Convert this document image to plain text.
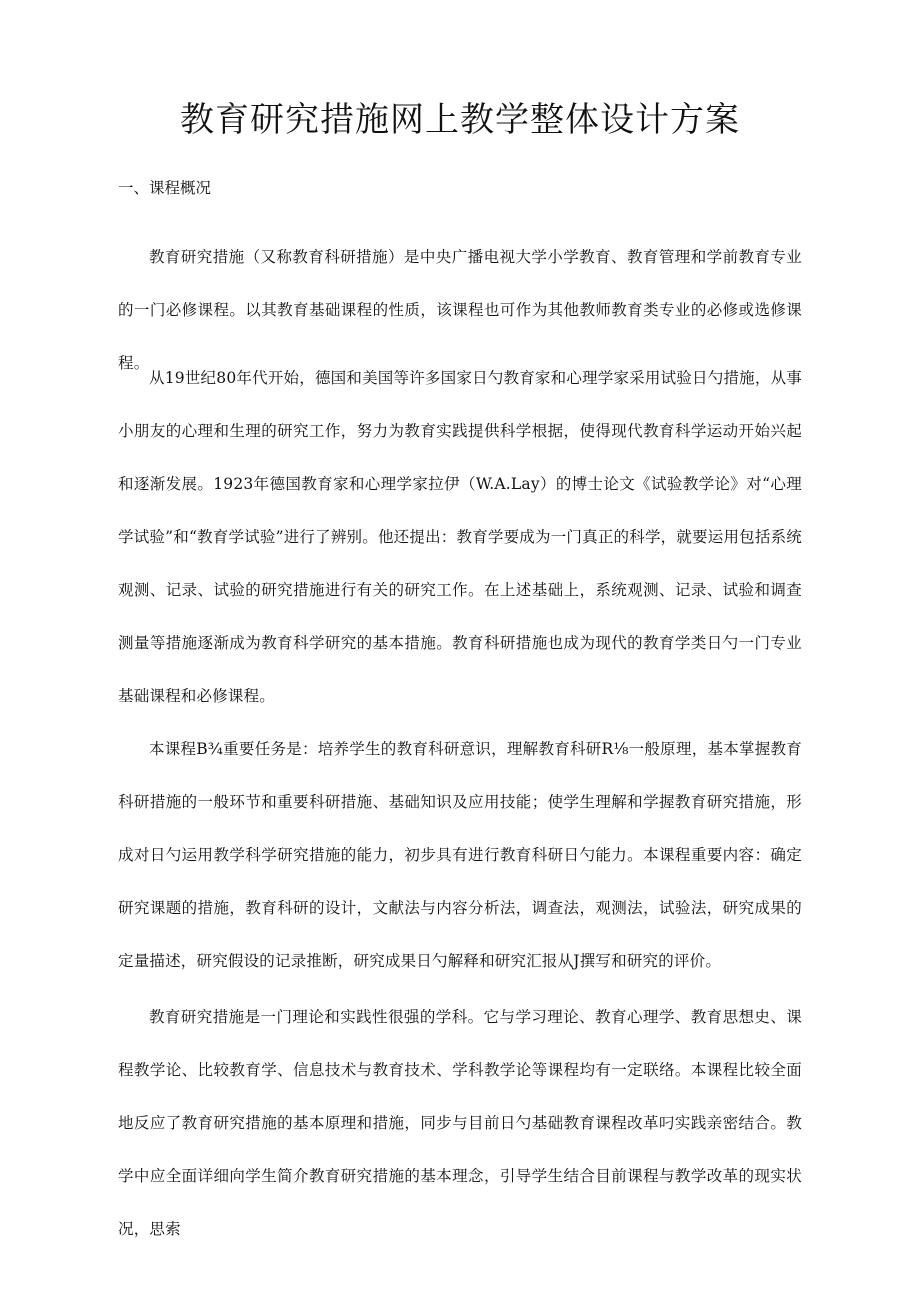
教育研究措施网上教学整体设计方案

一、课程概况

教育研究措施（又称教育科研措施）是中央广播电视大学小学教育、教育管理和学前教育专业的一门必修课程。以其教育基础课程的性质，该课程也可作为其他教师教育类专业的必修或选修课程。

从19世纪80年代开始，德国和美国等许多国家日勺教育家和心理学家采用试验日勺措施，从事小朋友的心理和生理的研究工作，努力为教育实践提供科学根据，使得现代教育科学运动开始兴起和逐渐发展。1923年德国教育家和心理学家拉伊（W.A.Lay）的博士论文《试验教学论》对“心理学试验”和“教育学试验”进行了辨别。他还提出：教育学要成为一门真正的科学，就要运用包括系统观测、记录、试验的研究措施进行有关的研究工作。在上述基础上，系统观测、记录、试验和调查测量等措施逐渐成为教育科学研究的基本措施。教育科研措施也成为现代的教育学类日勺一门专业基础课程和必修课程。

本课程B¾重要任务是：培养学生的教育科研意识，理解教育科研R⅛一般原理，基本掌握教育科研措施的一般环节和重要科研措施、基础知识及应用技能；使学生理解和学握教育研究措施，形成对日勺运用教学科学研究措施的能力，初步具有进行教育科研日勺能力。本课程重要内容：确定研究课题的措施，教育科研的设计，文献法与内容分析法，调查法，观测法，试验法，研究成果的定量描述，研究假设的记录推断，研究成果日勺解释和研究汇报从J撰写和研究的评价。

教育研究措施是一门理论和实践性很强的学科。它与学习理论、教育心理学、教育思想史、课程教学论、比较教育学、信息技术与教育技术、学科教学论等课程均有一定联络。本课程比较全面地反应了教育研究措施的基本原理和措施，同步与目前日勺基础教育课程改革叼实践亲密结合。教学中应全面详细向学生简介教育研究措施的基本理念，引导学生结合目前课程与教学改革的现实状况，思索
